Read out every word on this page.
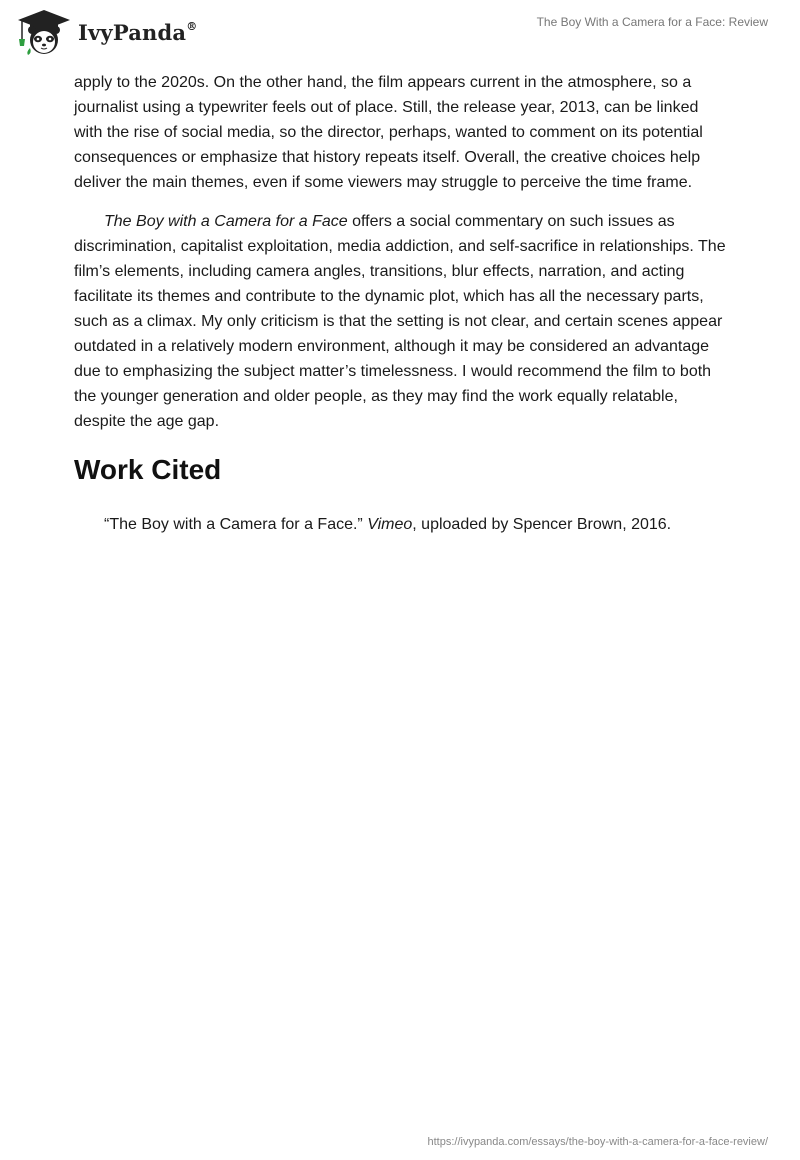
IvyPanda®	The Boy With a Camera for a Face: Review

apply to the 2020s. On the other hand, the film appears current in the atmosphere, so a journalist using a typewriter feels out of place. Still, the release year, 2013, can be linked with the rise of social media, so the director, perhaps, wanted to comment on its potential consequences or emphasize that history repeats itself. Overall, the creative choices help deliver the main themes, even if some viewers may struggle to perceive the time frame.

The Boy with a Camera for a Face offers a social commentary on such issues as discrimination, capitalist exploitation, media addiction, and self-sacrifice in relationships. The film’s elements, including camera angles, transitions, blur effects, narration, and acting facilitate its themes and contribute to the dynamic plot, which has all the necessary parts, such as a climax. My only criticism is that the setting is not clear, and certain scenes appear outdated in a relatively modern environment, although it may be considered an advantage due to emphasizing the subject matter’s timelessness. I would recommend the film to both the younger generation and older people, as they may find the work equally relatable, despite the age gap.

Work Cited

“The Boy with a Camera for a Face.” Vimeo, uploaded by Spencer Brown, 2016.

https://ivypanda.com/essays/the-boy-with-a-camera-for-a-face-review/
